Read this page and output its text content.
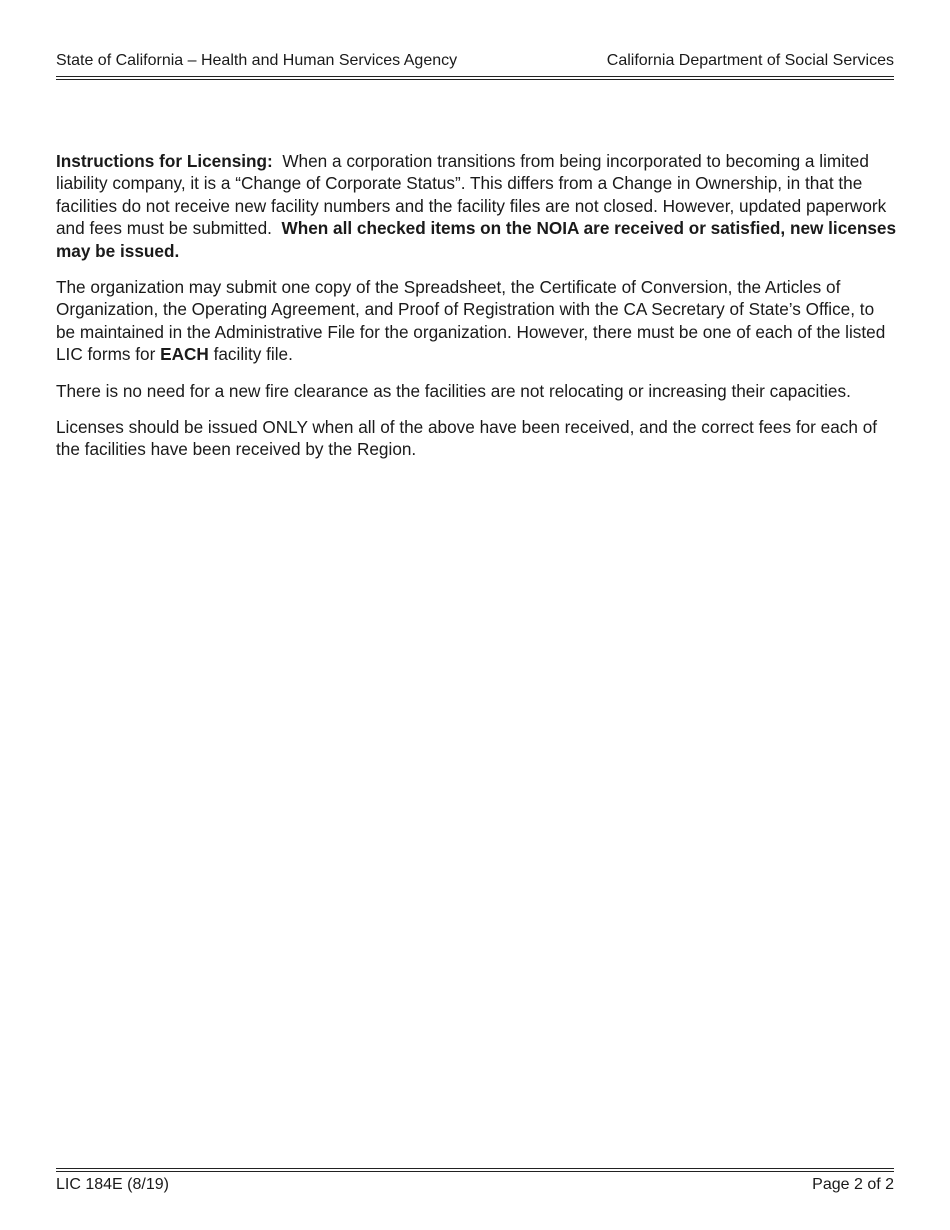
State of California – Health and Human Services Agency	California Department of Social Services

Instructions for Licensing: When a corporation transitions from being incorporated to becoming a limited liability company, it is a “Change of Corporate Status”. This differs from a Change in Ownership, in that the facilities do not receive new facility numbers and the facility files are not closed. However, updated paperwork and fees must be submitted. When all checked items on the NOIA are received or satisfied, new licenses may be issued.

The organization may submit one copy of the Spreadsheet, the Certificate of Conversion, the Articles of Organization, the Operating Agreement, and Proof of Registration with the CA Secretary of State’s Office, to be maintained in the Administrative File for the organization. However, there must be one of each of the listed LIC forms for EACH facility file.

There is no need for a new fire clearance as the facilities are not relocating or increasing their capacities.

Licenses should be issued ONLY when all of the above have been received, and the correct fees for each of the facilities have been received by the Region.

LIC 184E (8/19)	Page 2 of 2
